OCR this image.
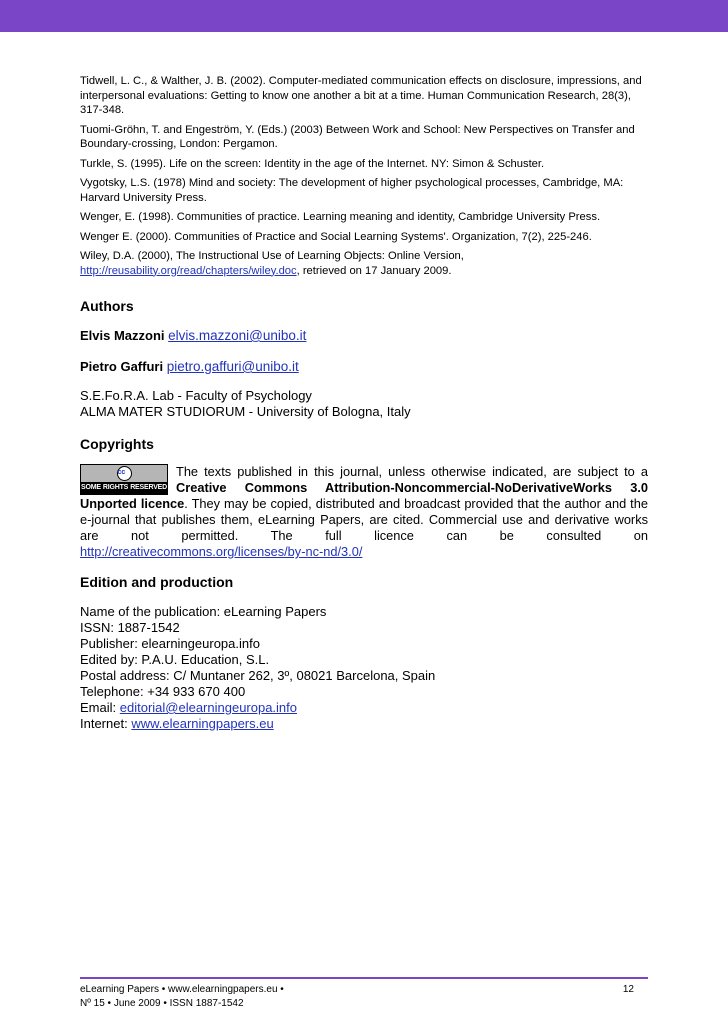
Tidwell, L. C., & Walther, J. B. (2002). Computer-mediated communication effects on disclosure, impressions, and interpersonal evaluations: Getting to know one another a bit at a time. Human Communication Research, 28(3), 317-348.

Tuomi-Gröhn, T. and Engeström, Y. (Eds.) (2003) Between Work and School: New Perspectives on Transfer and Boundary-crossing, London: Pergamon.

Turkle, S. (1995). Life on the screen: Identity in the age of the Internet. NY: Simon & Schuster.

Vygotsky, L.S. (1978) Mind and society: The development of higher psychological processes, Cambridge, MA: Harvard University Press.

Wenger, E. (1998). Communities of practice. Learning meaning and identity, Cambridge University Press.

Wenger E. (2000). Communities of Practice and Social Learning Systems'. Organization, 7(2), 225-246.

Wiley, D.A. (2000), The Instructional Use of Learning Objects: Online Version,
http://reusability.org/read/chapters/wiley.doc, retrieved on 17 January 2009.

Authors

Elvis Mazzoni elvis.mazzoni@unibo.it

Pietro Gaffuri pietro.gaffuri@unibo.it

S.E.Fo.R.A. Lab - Faculty of Psychology
ALMA MATER STUDIORUM - University of Bologna, Italy
Copyrights
cc
SOME RIGHTS RESERVED
The texts published in this journal, unless otherwise indicated, are subject to a Creative Commons Attribution-Noncommercial-NoDerivativeWorks 3.0 Unported licence. They may be copied, distributed and broadcast provided that the author and the e-journal that publishes them, eLearning Papers, are cited. Commercial use and derivative works are not permitted. The full licence can be consulted on
http://creativecommons.org/licenses/by-nc-nd/3.0/
Edition and production

Name of the publication: eLearning Papers

ISSN: 1887-1542

Publisher: elearningeuropa.info

Edited by: P.A.U. Education, S.L.

Postal address: C/ Muntaner 262, 3º, 08021 Barcelona, Spain

Telephone: +34 933 670 400

Email: editorial@elearningeuropa.info

Internet: www.elearningpapers.eu

eLearning Papers • www.elearningpapers.eu •
Nº 15 • June 2009 • ISSN 1887-1542
12
